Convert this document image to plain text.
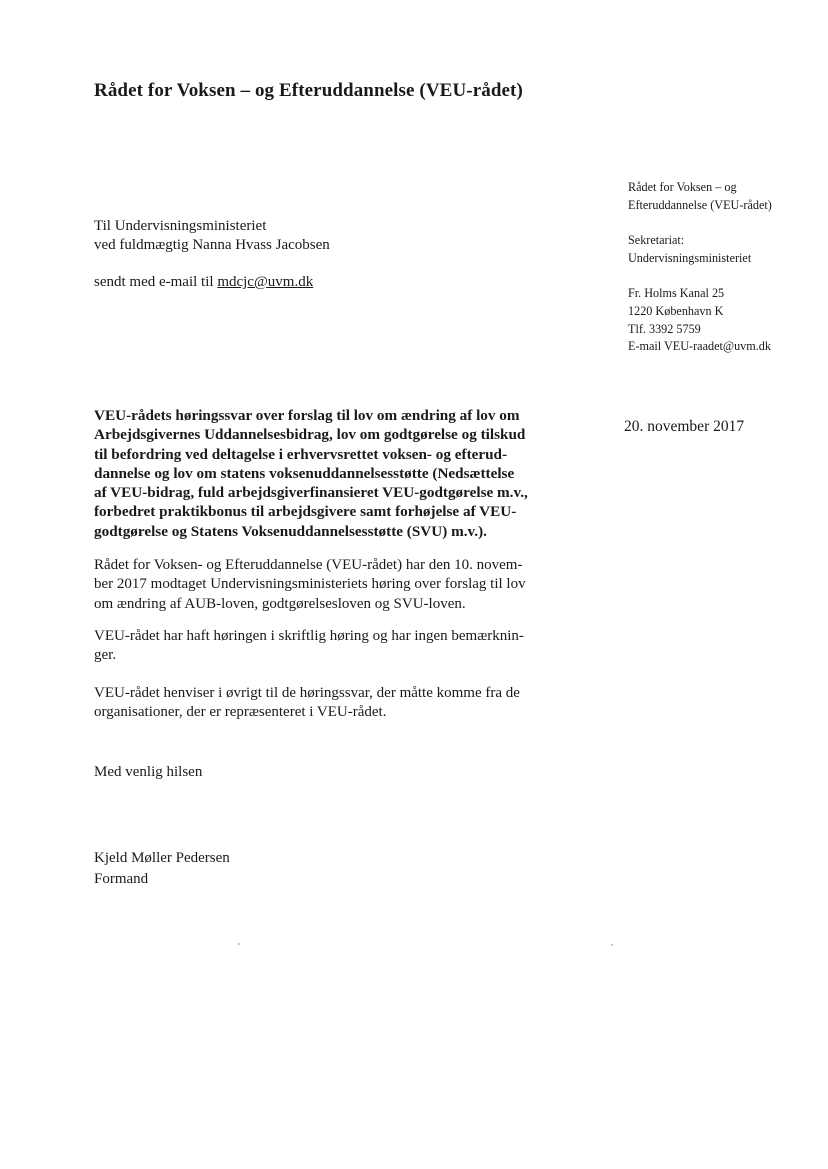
Rådet for Voksen – og Efteruddannelse (VEU-rådet)
Rådet for Voksen – og
Efteruddannelse (VEU-rådet)
Sekretariat:
Undervisningsministeriet
Fr. Holms Kanal 25
1220 København K
Tlf. 3392 5759
E-mail VEU-raadet@uvm.dk
Til Undervisningsministeriet
ved fuldmægtig Nanna Hvass Jacobsen
sendt med e-mail til mdcjc@uvm.dk
20. november 2017
VEU-rådets høringssvar over forslag til lov om ændring af lov om
Arbejdsgivernes Uddannelsesbidrag, lov om godtgørelse og tilskud
til befordring ved deltagelse i erhvervsrettet voksen- og efterud-
dannelse og lov om statens voksenuddannelsesstøtte (Nedsættelse
af VEU-bidrag, fuld arbejdsgiverfinansieret VEU-godtgørelse m.v.,
forbedret praktikbonus til arbejdsgivere samt forhøjelse af VEU-
godtgørelse og Statens Voksenuddannelsesstøtte (SVU) m.v.).
Rådet for Voksen- og Efteruddannelse (VEU-rådet) har den 10. novem-
ber 2017 modtaget Undervisningsministeriets høring over forslag til lov
om ændring af AUB-loven, godtgørelsesloven og SVU-loven.
VEU-rådet har haft høringen i skriftlig høring og har ingen bemærknin-
ger.
VEU-rådet henviser i øvrigt til de høringssvar, der måtte komme fra de
organisationer, der er repræsenteret i VEU-rådet.
Med venlig hilsen
Kjeld Møller Pedersen
Formand
